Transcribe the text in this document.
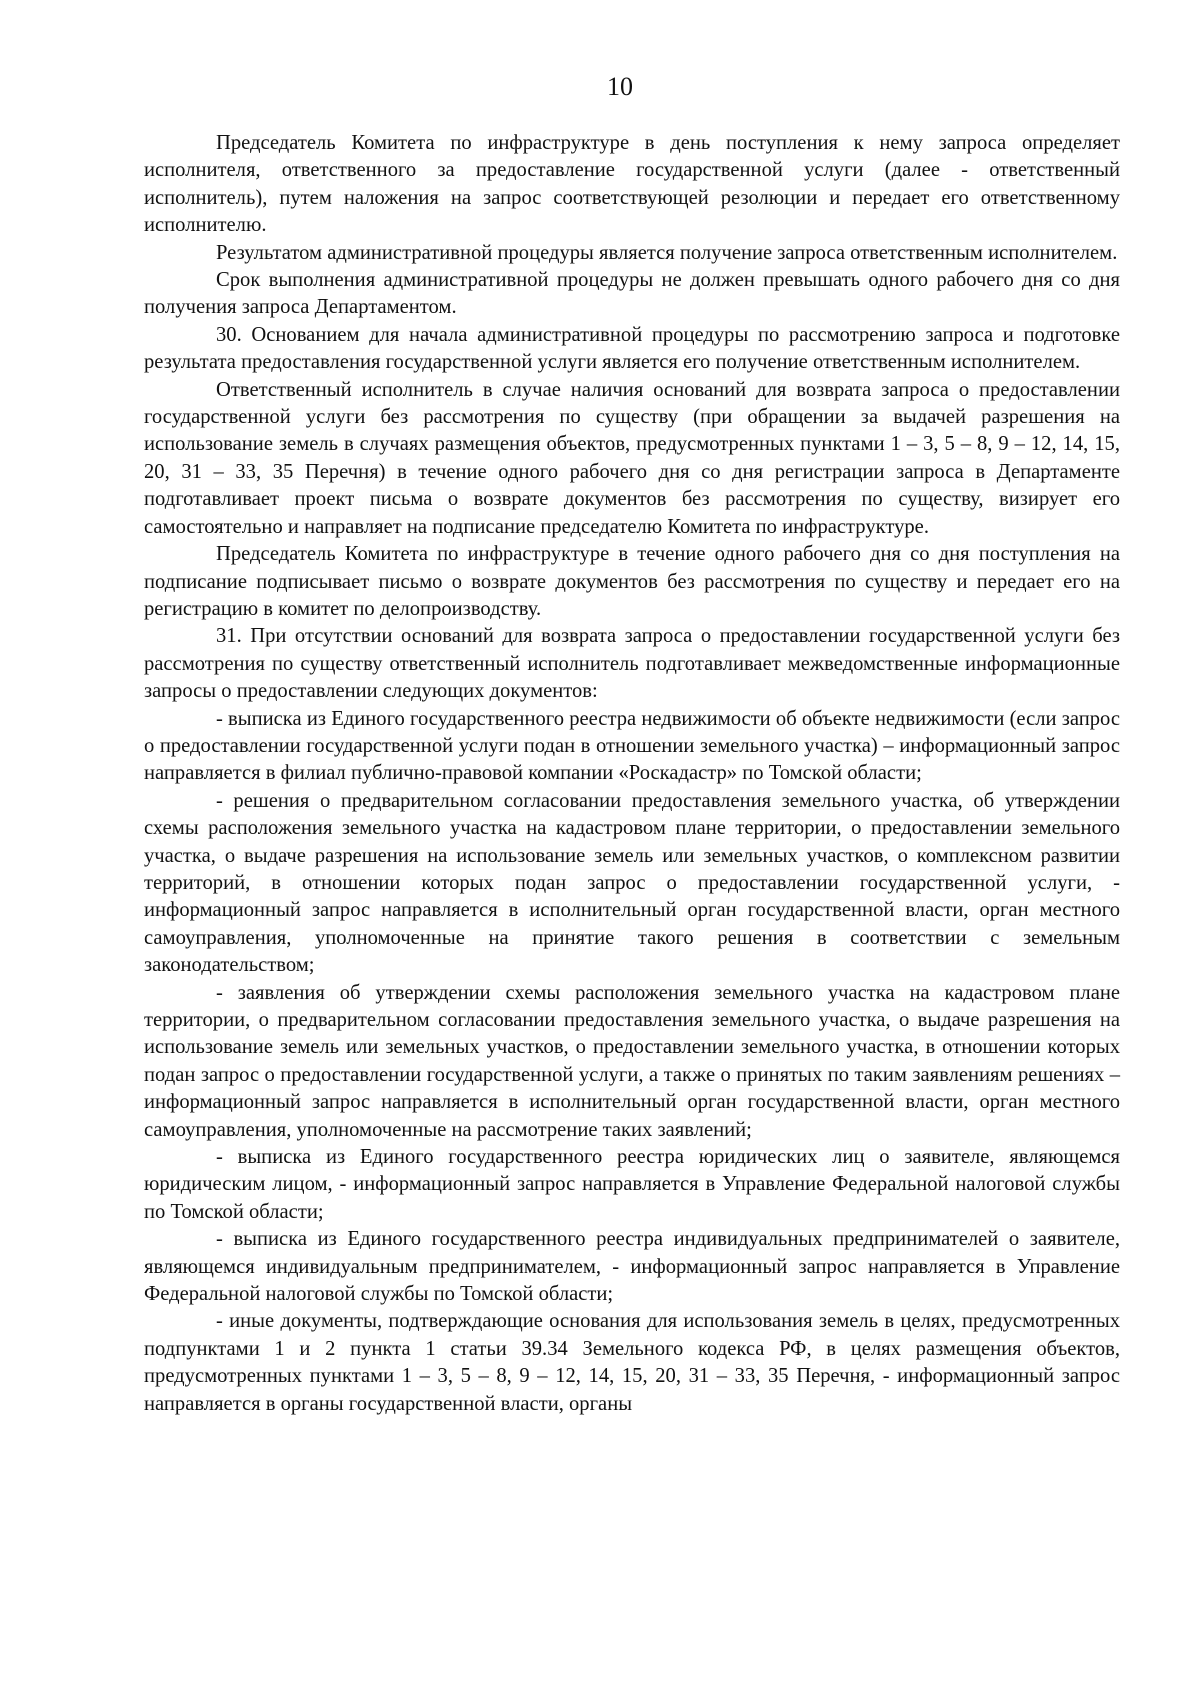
10

Председатель Комитета по инфраструктуре в день поступления к нему запроса определяет исполнителя, ответственного за предоставление государственной услуги (далее - ответственный исполнитель), путем наложения на запрос соответствующей резолюции и передает его ответственному исполнителю.

Результатом административной процедуры является получение запроса ответственным исполнителем.

Срок выполнения административной процедуры не должен превышать одного рабочего дня со дня получения запроса Департаментом.

30. Основанием для начала административной процедуры по рассмотрению запроса и подготовке результата предоставления государственной услуги является его получение ответственным исполнителем.

Ответственный исполнитель в случае наличия оснований для возврата запроса о предоставлении государственной услуги без рассмотрения по существу (при обращении за выдачей разрешения на использование земель в случаях размещения объектов, предусмотренных пунктами 1 – 3, 5 – 8, 9 – 12, 14, 15, 20, 31 – 33, 35 Перечня) в течение одного рабочего дня со дня регистрации запроса в Департаменте подготавливает проект письма о возврате документов без рассмотрения по существу, визирует его самостоятельно и направляет на подписание председателю Комитета по инфраструктуре.

Председатель Комитета по инфраструктуре в течение одного рабочего дня со дня поступления на подписание подписывает письмо о возврате документов без рассмотрения по существу и передает его на регистрацию в комитет по делопроизводству.

31. При отсутствии оснований для возврата запроса о предоставлении государственной услуги без рассмотрения по существу ответственный исполнитель подготавливает межведомственные информационные запросы о предоставлении следующих документов:

- выписка из Единого государственного реестра недвижимости об объекте недвижимости (если запрос о предоставлении государственной услуги подан в отношении земельного участка) – информационный запрос направляется в филиал публично-правовой компании «Роскадастр» по Томской области;

- решения о предварительном согласовании предоставления земельного участка, об утверждении схемы расположения земельного участка на кадастровом плане территории, о предоставлении земельного участка, о выдаче разрешения на использование земель или земельных участков, о комплексном развитии территорий, в отношении которых подан запрос о предоставлении государственной услуги, - информационный запрос направляется в исполнительный орган государственной власти, орган местного самоуправления, уполномоченные на принятие такого решения в соответствии с земельным законодательством;

- заявления об утверждении схемы расположения земельного участка на кадастровом плане территории, о предварительном согласовании предоставления земельного участка, о выдаче разрешения на использование земель или земельных участков, о предоставлении земельного участка, в отношении которых подан запрос о предоставлении государственной услуги, а также о принятых по таким заявлениям решениях – информационный запрос направляется в исполнительный орган государственной власти, орган местного самоуправления, уполномоченные на рассмотрение таких заявлений;

- выписка из Единого государственного реестра юридических лиц о заявителе, являющемся юридическим лицом, - информационный запрос направляется в Управление Федеральной налоговой службы по Томской области;

- выписка из Единого государственного реестра индивидуальных предпринимателей о заявителе, являющемся индивидуальным предпринимателем, - информационный запрос направляется в Управление Федеральной налоговой службы по Томской области;

- иные документы, подтверждающие основания для использования земель в целях, предусмотренных подпунктами 1 и 2 пункта 1 статьи 39.34 Земельного кодекса РФ, в целях размещения объектов, предусмотренных пунктами 1 – 3, 5 – 8, 9 – 12, 14, 15, 20, 31 – 33, 35 Перечня, - информационный запрос направляется в органы государственной власти, органы
